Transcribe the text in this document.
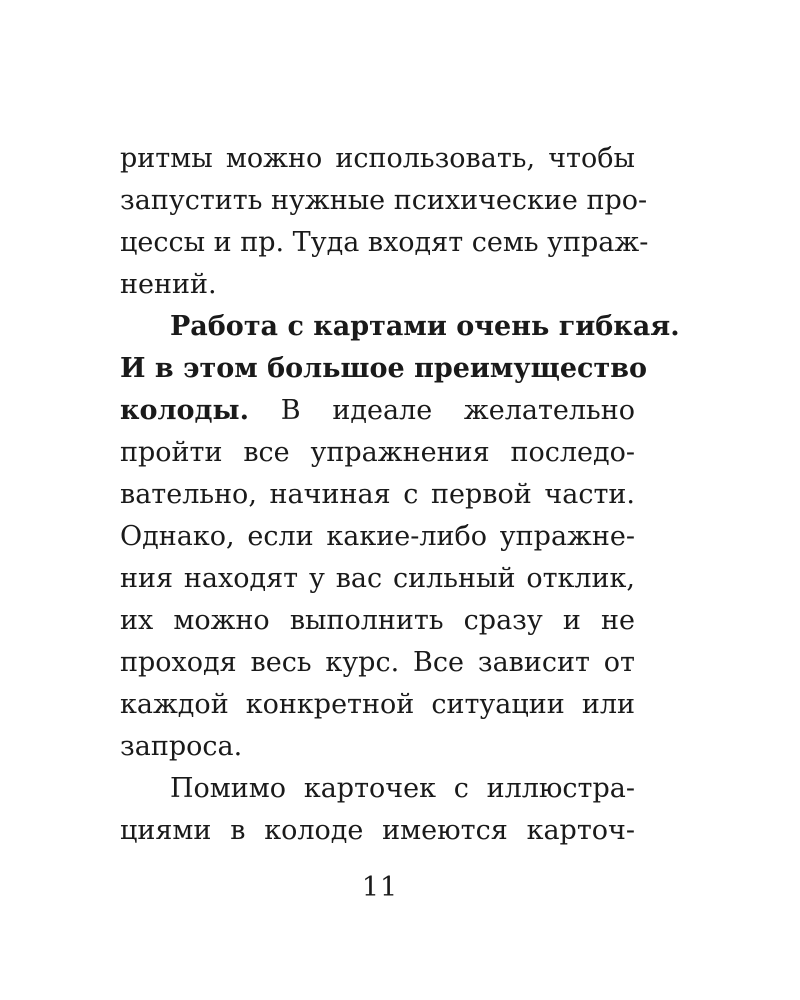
ритмы можно использовать, чтобы
запустить нужные психические про-
цессы и пр. Туда входят семь упраж-
нений.
Работа с картами очень гибкая.
И в этом большое преимущество
колоды. В идеале желательно
пройти все упражнения последо-
вательно, начиная с первой части.
Однако, если какие-либо упражне-
ния находят у вас сильный отклик,
их можно выполнить сразу и не
проходя весь курс. Все зависит от
каждой конкретной ситуации или
запроса.
Помимо карточек с иллюстра-
циями в колоде имеются карточ-
11
